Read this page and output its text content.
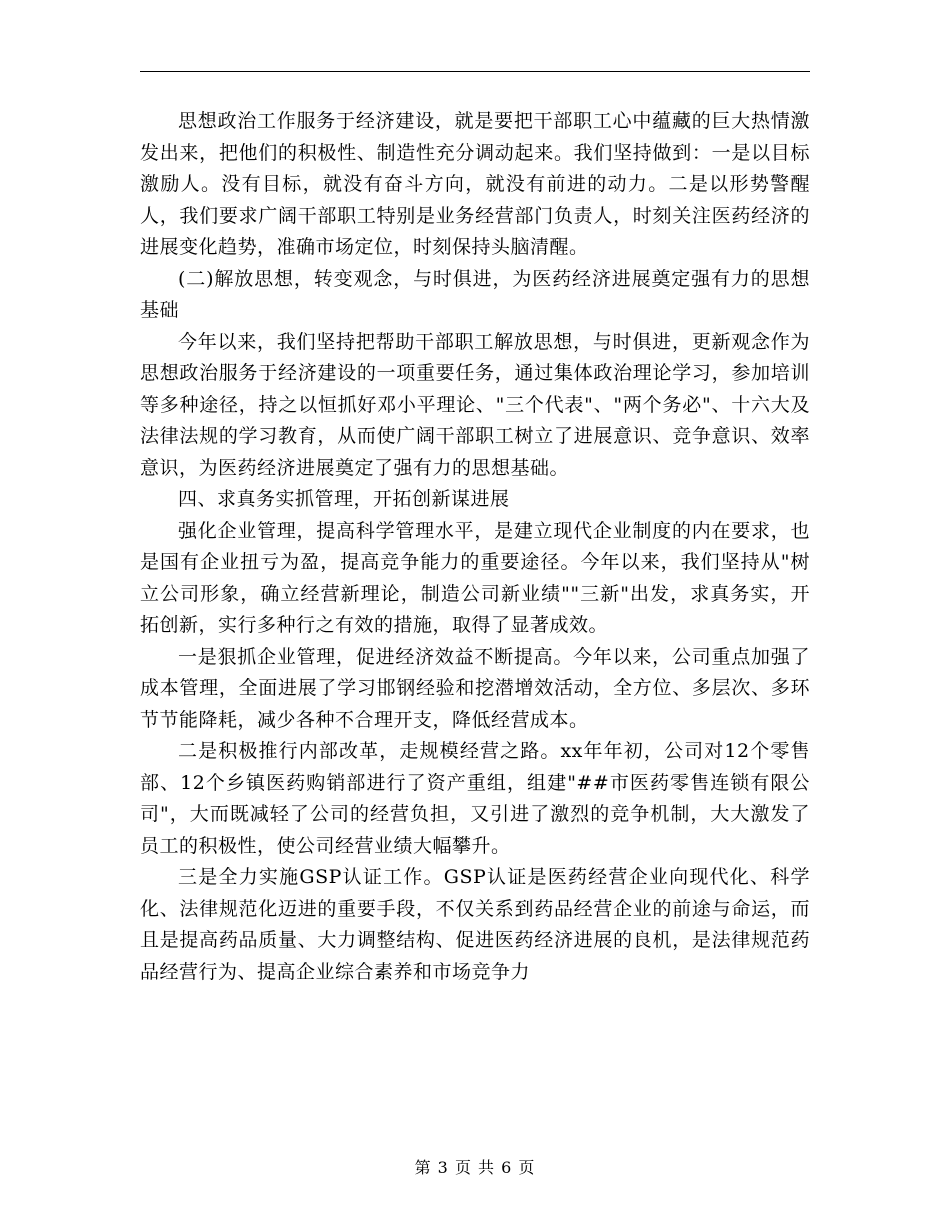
思想政治工作服务于经济建设，就是要把干部职工心中蕴藏的巨大热情激发出来，把他们的积极性、制造性充分调动起来。我们坚持做到：一是以目标激励人。没有目标，就没有奋斗方向，就没有前进的动力。二是以形势警醒人，我们要求广阔干部职工特别是业务经营部门负责人，时刻关注医药经济的进展变化趋势，准确市场定位，时刻保持头脑清醒。

(二)解放思想，转变观念，与时俱进，为医药经济进展奠定强有力的思想基础

今年以来，我们坚持把帮助干部职工解放思想，与时俱进，更新观念作为思想政治服务于经济建设的一项重要任务，通过集体政治理论学习，参加培训等多种途径，持之以恒抓好邓小平理论、"三个代表"、"两个务必"、十六大及法律法规的学习教育，从而使广阔干部职工树立了进展意识、竞争意识、效率意识，为医药经济进展奠定了强有力的思想基础。

四、求真务实抓管理，开拓创新谋进展

强化企业管理，提高科学管理水平，是建立现代企业制度的内在要求，也是国有企业扭亏为盈，提高竞争能力的重要途径。今年以来，我们坚持从"树立公司形象，确立经营新理论，制造公司新业绩""三新"出发，求真务实，开拓创新，实行多种行之有效的措施，取得了显著成效。

一是狠抓企业管理，促进经济效益不断提高。今年以来，公司重点加强了成本管理，全面进展了学习邯钢经验和挖潜增效活动，全方位、多层次、多环节节能降耗，减少各种不合理开支，降低经营成本。

二是积极推行内部改革，走规模经营之路。xx年年初，公司对12个零售部、12个乡镇医药购销部进行了资产重组，组建"##市医药零售连锁有限公司"，大而既减轻了公司的经营负担，又引进了激烈的竞争机制，大大激发了员工的积极性，使公司经营业绩大幅攀升。

三是全力实施GSP认证工作。GSP认证是医药经营企业向现代化、科学化、法律规范化迈进的重要手段，不仅关系到药品经营企业的前途与命运，而且是提高药品质量、大力调整结构、促进医药经济进展的良机，是法律规范药品经营行为、提高企业综合素养和市场竞争力

第 3 页 共 6 页
